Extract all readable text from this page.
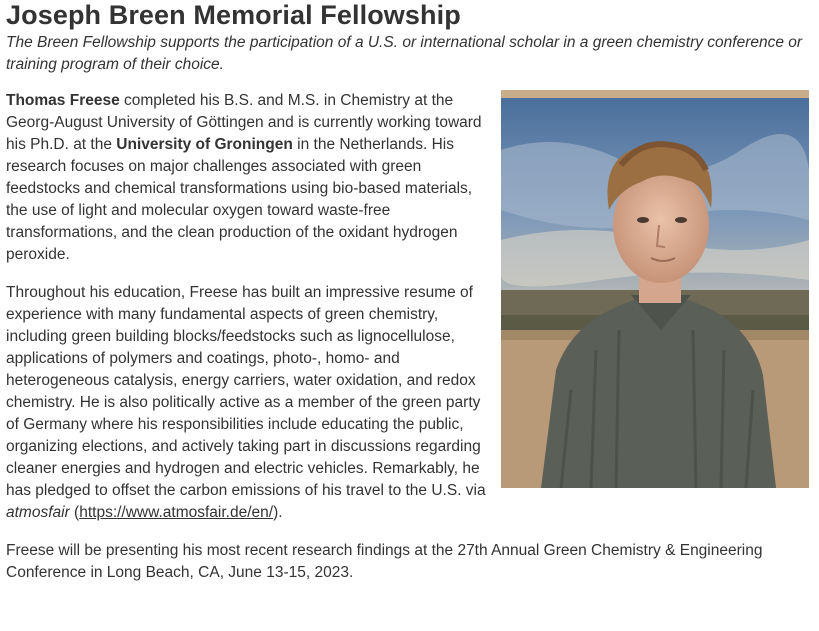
Joseph Breen Memorial Fellowship

The Breen Fellowship supports the participation of a U.S. or international scholar in a green chemistry conference or training program of their choice.

Thomas Freese completed his B.S. and M.S. in Chemistry at the Georg-August University of Göttingen and is currently working toward his Ph.D. at the University of Groningen in the Netherlands. His research focuses on major challenges associated with green feedstocks and chemical transformations using bio-based materials, the use of light and molecular oxygen toward waste-free transformations, and the clean production of the oxidant hydrogen peroxide.

Throughout his education, Freese has built an impressive resume of experience with many fundamental aspects of green chemistry, including green building blocks/feedstocks such as lignocellulose, applications of polymers and coatings, photo-, homo- and heterogeneous catalysis, energy carriers, water oxidation, and redox chemistry. He is also politically active as a member of the green party of Germany where his responsibilities include educating the public, organizing elections, and actively taking part in discussions regarding cleaner energies and hydrogen and electric vehicles. Remarkably, he has pledged to offset the carbon emissions of his travel to the U.S. via atmosfair (https://www.atmosfair.de/en/).

Freese will be presenting his most recent research findings at the 27th Annual Green Chemistry & Engineering Conference in Long Beach, CA, June 13-15, 2023.
